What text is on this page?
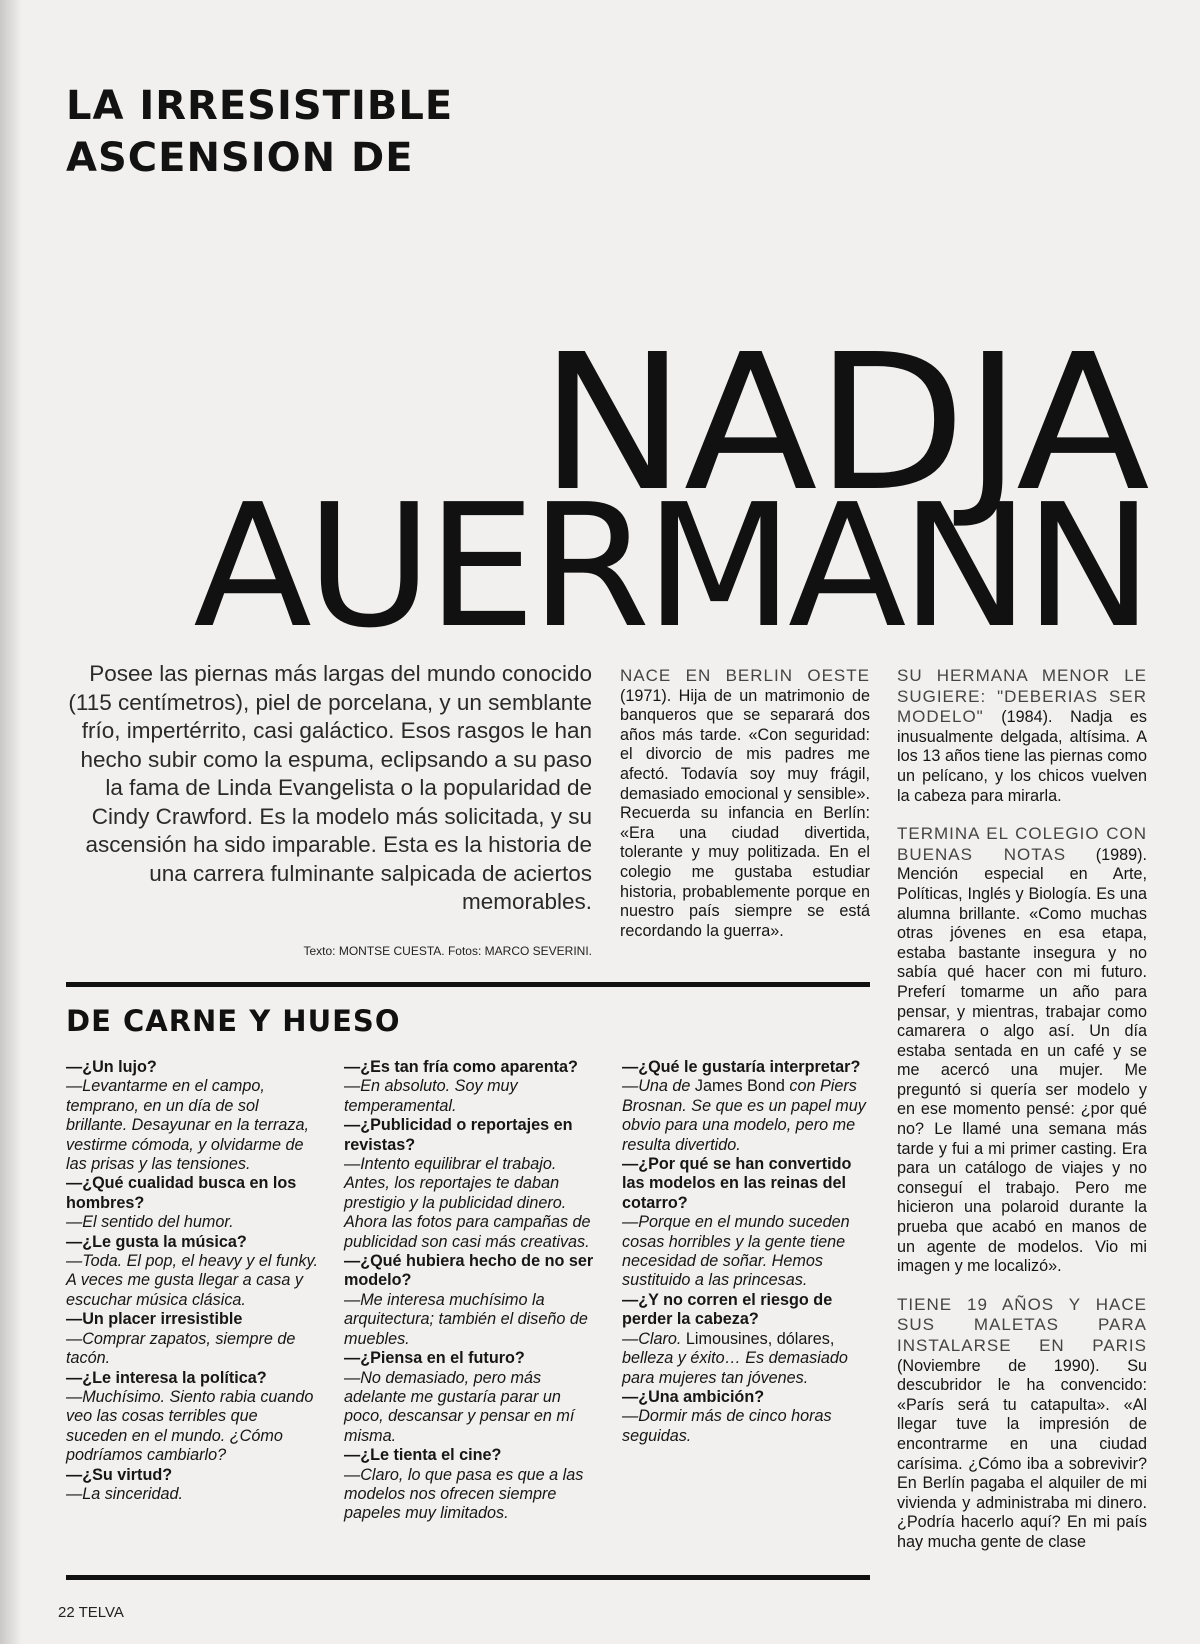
LA IRRESISTIBLE
ASCENSION DE
NADJA
AUERMANN

Posee las piernas más largas del mundo conocido (115 centímetros), piel de porcelana, y un semblante frío, impertérrito, casi galáctico. Esos rasgos le han hecho subir como la espuma, eclipsando a su paso la fama de Linda Evangelista o la popularidad de Cindy Crawford. Es la modelo más solicitada, y su ascensión ha sido imparable. Esta es la historia de una carrera fulminante salpicada de aciertos memorables.

Texto: MONTSE CUESTA. Fotos: MARCO SEVERINI.

NACE EN BERLIN OESTE (1971). Hija de un matrimonio de banqueros que se separará dos años más tarde. «Con seguridad: el divorcio de mis padres me afectó. Todavía soy muy frágil, demasiado emocional y sensible». Recuerda su infancia en Berlín: «Era una ciudad divertida, tolerante y muy politizada. En el colegio me gustaba estudiar historia, probablemente porque en nuestro país siempre se está recordando la guerra».

SU HERMANA MENOR LE SUGIERE: "DEBERIAS SER MODELO" (1984). Nadja es inusualmente delgada, altísima. A los 13 años tiene las piernas como un pelícano, y los chicos vuelven la cabeza para mirarla.

TERMINA EL COLEGIO CON BUENAS NOTAS (1989). Mención especial en Arte, Políticas, Inglés y Biología. Es una alumna brillante. «Como muchas otras jóvenes en esa etapa, estaba bastante insegura y no sabía qué hacer con mi futuro. Preferí tomarme un año para pensar, y mientras, trabajar como camarera o algo así. Un día estaba sentada en un café y se me acercó una mujer. Me preguntó si quería ser modelo y en ese momento pensé: ¿por qué no? Le llamé una semana más tarde y fui a mi primer casting. Era para un catálogo de viajes y no conseguí el trabajo. Pero me hicieron una polaroid durante la prueba que acabó en manos de un agente de modelos. Vio mi imagen y me localizó».

TIENE 19 AÑOS Y HACE SUS MALETAS PARA INSTALARSE EN PARIS (Noviembre de 1990). Su descubridor le ha convencido: «París será tu catapulta». «Al llegar tuve la impresión de encontrarme en una ciudad carísima. ¿Cómo iba a sobrevivir? En Berlín pagaba el alquiler de mi vivienda y administraba mi dinero. ¿Podría hacerlo aquí? En mi país hay mucha gente de clase

DE CARNE Y HUESO
—¿Un lujo?
—Levantarme en el campo, temprano, en un día de sol brillante. Desayunar en la terraza, vestirme cómoda, y olvidarme de las prisas y las tensiones.
—¿Qué cualidad busca en los hombres?
—El sentido del humor.
—¿Le gusta la música?
—Toda. El pop, el heavy y el funky. A veces me gusta llegar a casa y escuchar música clásica.
—Un placer irresistible
—Comprar zapatos, siempre de tacón.
—¿Le interesa la política?
—Muchísimo. Siento rabia cuando veo las cosas terribles que suceden en el mundo. ¿Cómo podríamos cambiarlo?
—¿Su virtud?
—La sinceridad.
—¿Es tan fría como aparenta?
—En absoluto. Soy muy temperamental.
—¿Publicidad o reportajes en revistas?
—Intento equilibrar el trabajo. Antes, los reportajes te daban prestigio y la publicidad dinero. Ahora las fotos para campañas de publicidad son casi más creativas.
—¿Qué hubiera hecho de no ser modelo?
—Me interesa muchísimo la arquitectura; también el diseño de muebles.
—¿Piensa en el futuro?
—No demasiado, pero más adelante me gustaría parar un poco, descansar y pensar en mí misma.
—¿Le tienta el cine?
—Claro, lo que pasa es que a las modelos nos ofrecen siempre papeles muy limitados.
—¿Qué le gustaría interpretar?
—Una de James Bond con Piers Brosnan. Se que es un papel muy obvio para una modelo, pero me resulta divertido.
—¿Por qué se han convertido las modelos en las reinas del cotarro?
—Porque en el mundo suceden cosas horribles y la gente tiene necesidad de soñar. Hemos sustituido a las princesas.
—¿Y no corren el riesgo de perder la cabeza?
—Claro. Limousines, dólares, belleza y éxito… Es demasiado para mujeres tan jóvenes.
—¿Una ambición?
—Dormir más de cinco horas seguidas.
22 TELVA
